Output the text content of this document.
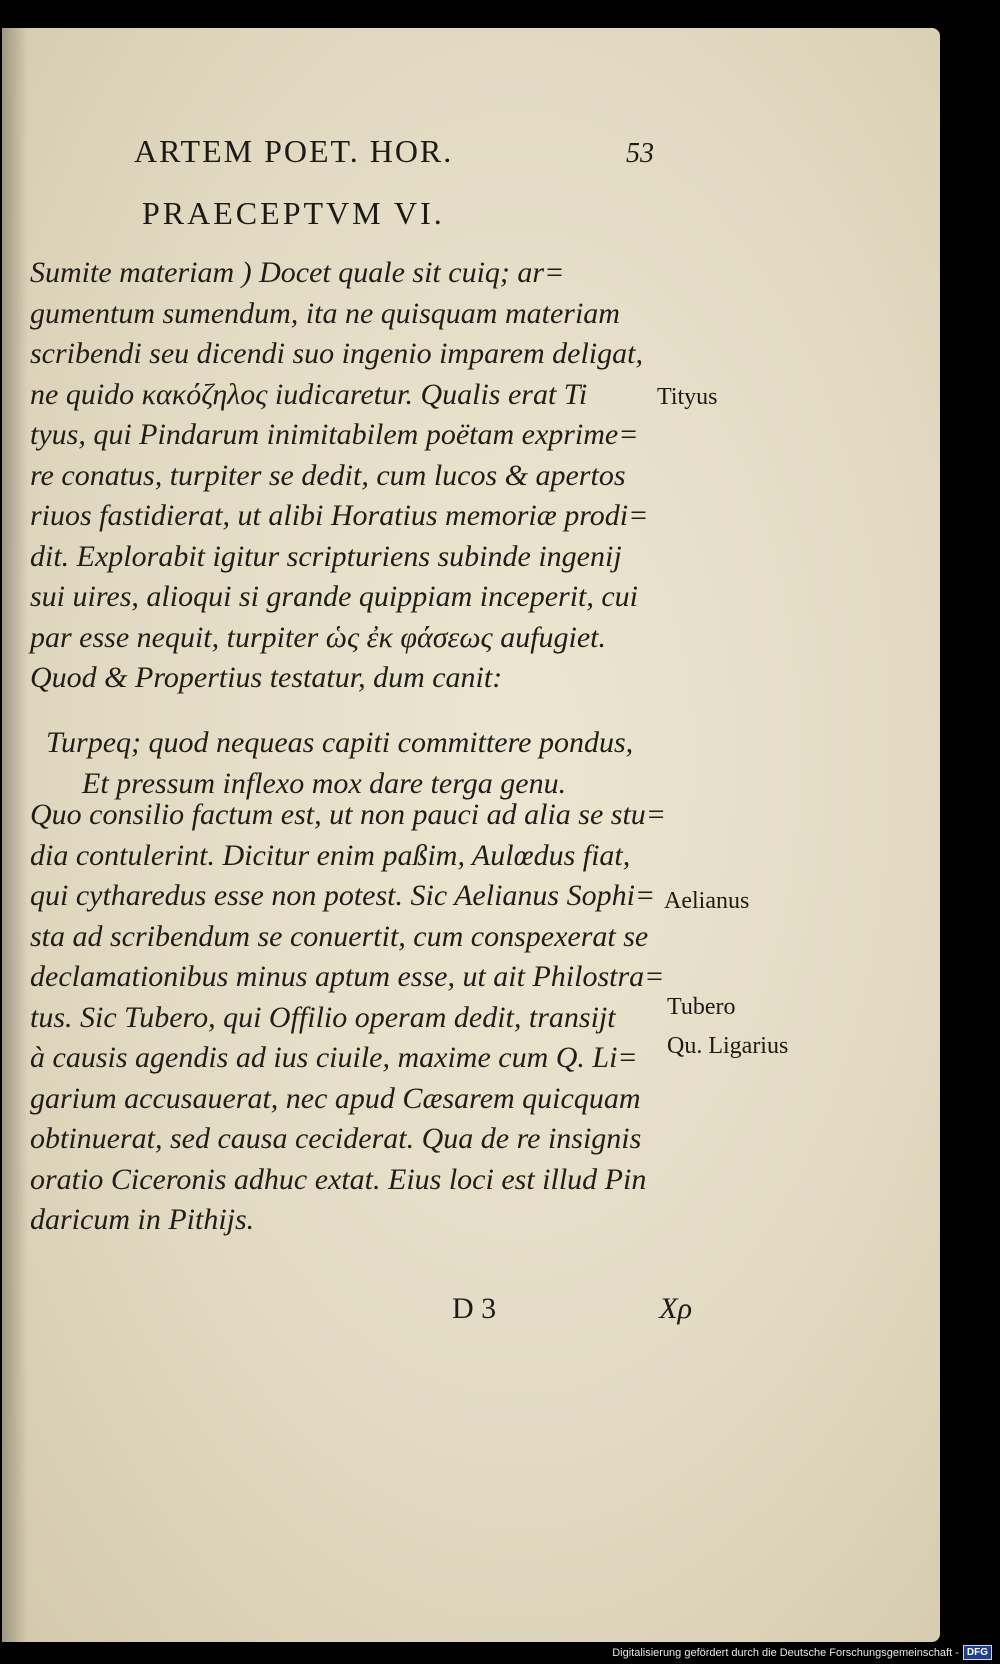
ARTEM POET. HOR.	53
PRAECEPTVM VI.
Sumite materiam ) Docet quale sit cuiq; ar=
gumentum sumendum, ita ne quisquam materiam
scribendi seu dicendi suo ingenio imparem deligat,
ne quido κακόζηλος iudicaretur. Qualis erat Ti
tyus, qui Pindarum inimitabilem poëtam exprime=
re conatus, turpiter se dedit, cum lucos & apertos
riuos fastidierat, ut alibi Horatius memoriæ prodi=
dit. Explorabit igitur scripturiens subinde ingenij
sui uires, alioqui si grande quippiam inceperit, cui
par esse nequit, turpiter ὡς ἐκ φάσεως aufugiet.
Quod & Propertius testatur, dum canit:
Turpeq; quod nequeas capiti committere pondus,
Et pressum inflexo mox dare terga genu.
Quo consilio factum est, ut non pauci ad alia se stu=
dia contulerint. Dicitur enim paßim, Aulœdus fiat,
qui cytharedus esse non potest. Sic Aelianus Sophi=
sta ad scribendum se conuertit, cum conspexerat se
declamationibus minus aptum esse, ut ait Philostra=
tus. Sic Tubero, qui Offilio operam dedit, transijt
à causis agendis ad ius ciuile, maxime cum Q. Li=
garium accusauerat, nec apud Cæsarem quicquam
obtinuerat, sed causa ceciderat. Qua de re insignis
oratio Ciceronis adhuc extat. Eius loci est illud Pin
daricum in Pithijs.
Tityus
Aelianus
Tubero
Qu. Ligarius
D 3	Χρ
Digitalisierung gefördert durch die Deutsche Forschungsgemeinschaft - DFG
